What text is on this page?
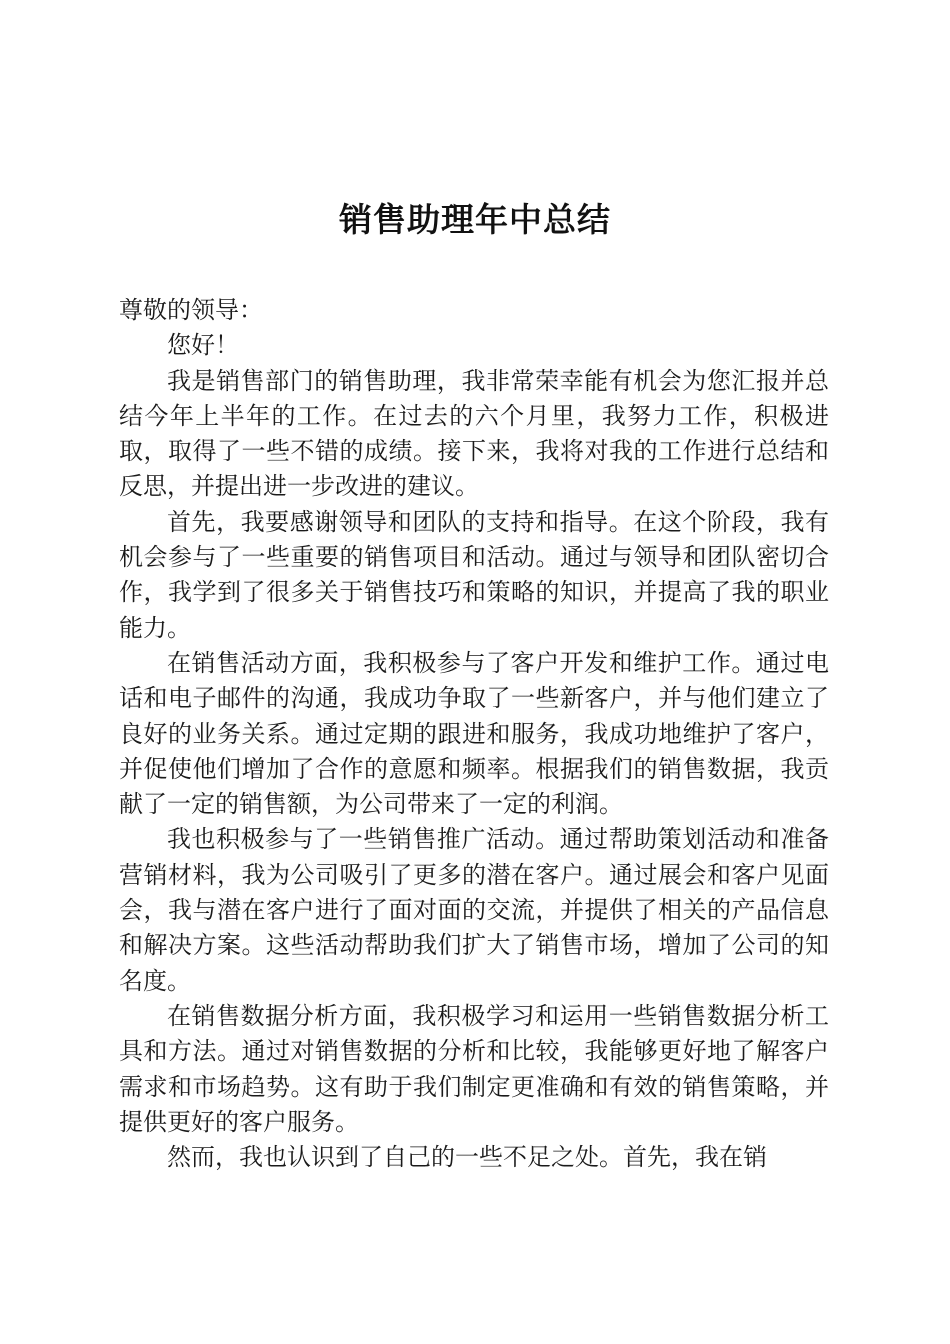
销售助理年中总结

尊敬的领导：

您好！

我是销售部门的销售助理，我非常荣幸能有机会为您汇报并总结今年上半年的工作。在过去的六个月里，我努力工作，积极进取，取得了一些不错的成绩。接下来，我将对我的工作进行总结和反思，并提出进一步改进的建议。

首先，我要感谢领导和团队的支持和指导。在这个阶段，我有机会参与了一些重要的销售项目和活动。通过与领导和团队密切合作，我学到了很多关于销售技巧和策略的知识，并提高了我的职业能力。

在销售活动方面，我积极参与了客户开发和维护工作。通过电话和电子邮件的沟通，我成功争取了一些新客户，并与他们建立了良好的业务关系。通过定期的跟进和服务，我成功地维护了客户，并促使他们增加了合作的意愿和频率。根据我们的销售数据，我贡献了一定的销售额，为公司带来了一定的利润。

我也积极参与了一些销售推广活动。通过帮助策划活动和准备营销材料，我为公司吸引了更多的潜在客户。通过展会和客户见面会，我与潜在客户进行了面对面的交流，并提供了相关的产品信息和解决方案。这些活动帮助我们扩大了销售市场，增加了公司的知名度。

在销售数据分析方面，我积极学习和运用一些销售数据分析工具和方法。通过对销售数据的分析和比较，我能够更好地了解客户需求和市场趋势。这有助于我们制定更准确和有效的销售策略，并提供更好的客户服务。

然而，我也认识到了自己的一些不足之处。首先，我在销
